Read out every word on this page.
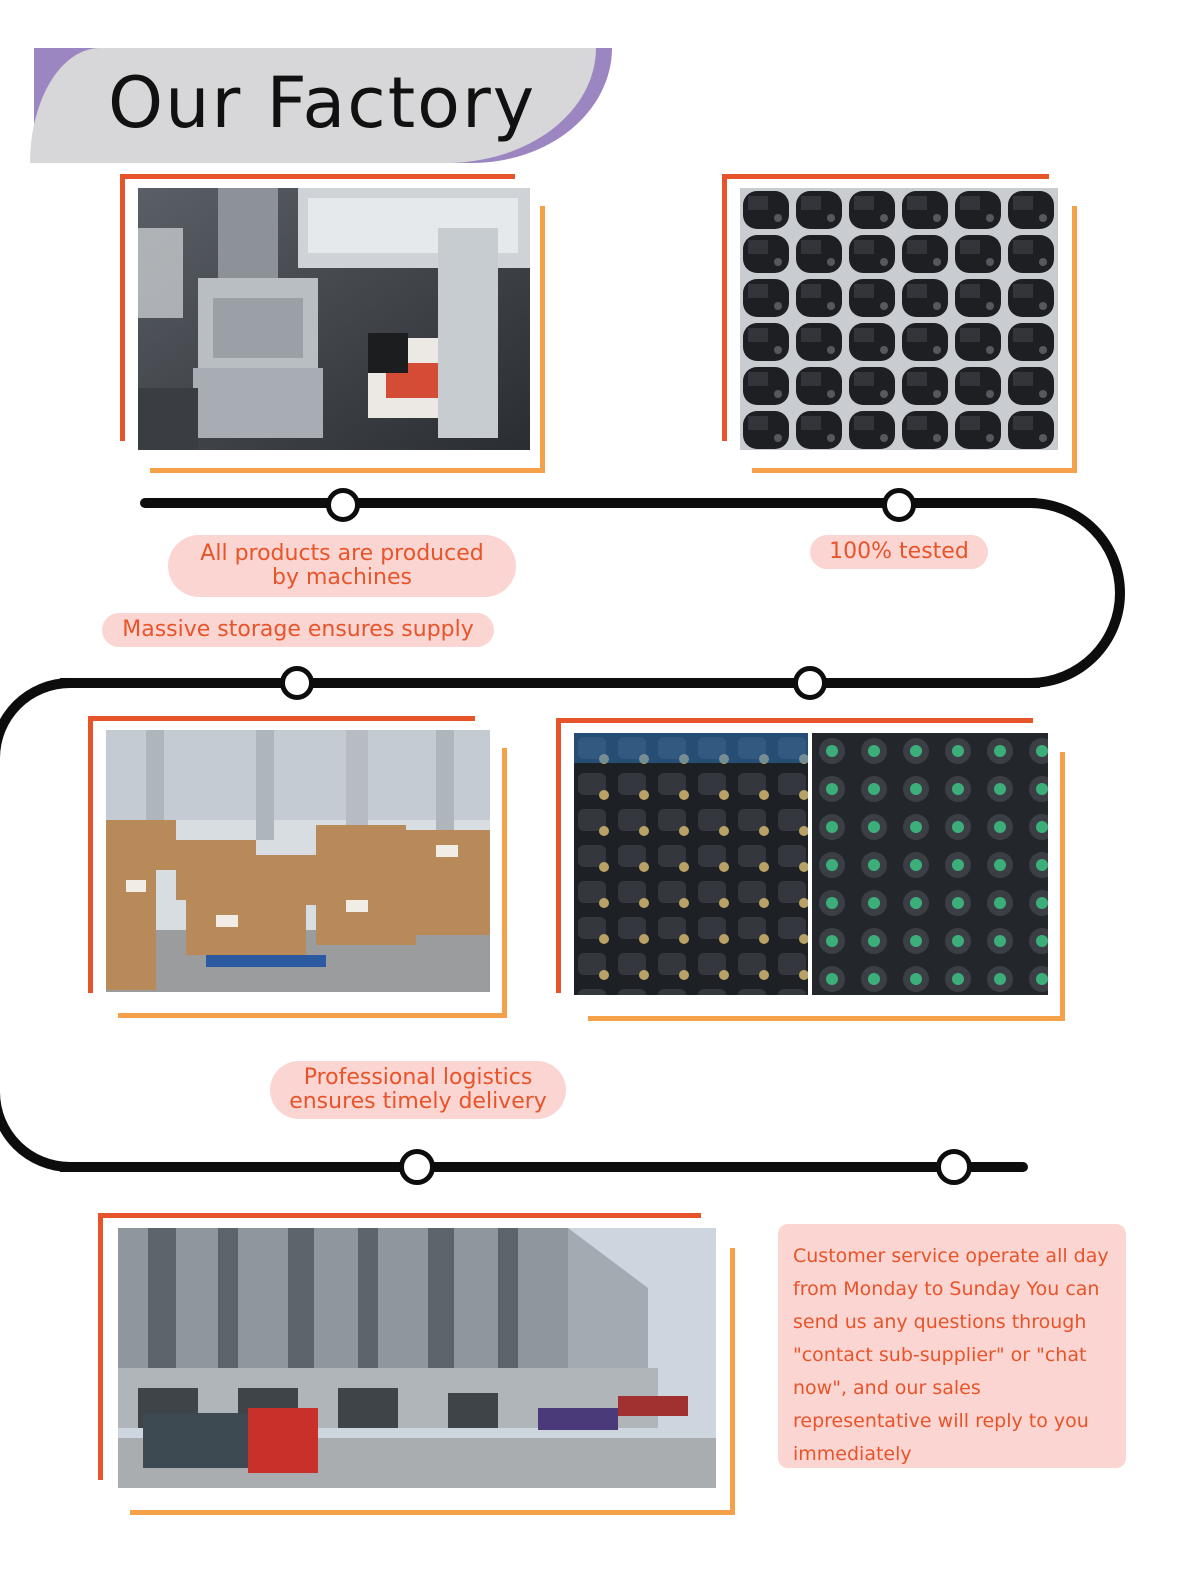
Our Factory
All products are produced by machines
100% tested
Massive storage ensures supply
Professional logistics ensures timely delivery
Customer service operate all day from Monday to Sunday You can send us any questions through "contact sub-supplier" or "chat now", and our sales representative will reply to you immediately
